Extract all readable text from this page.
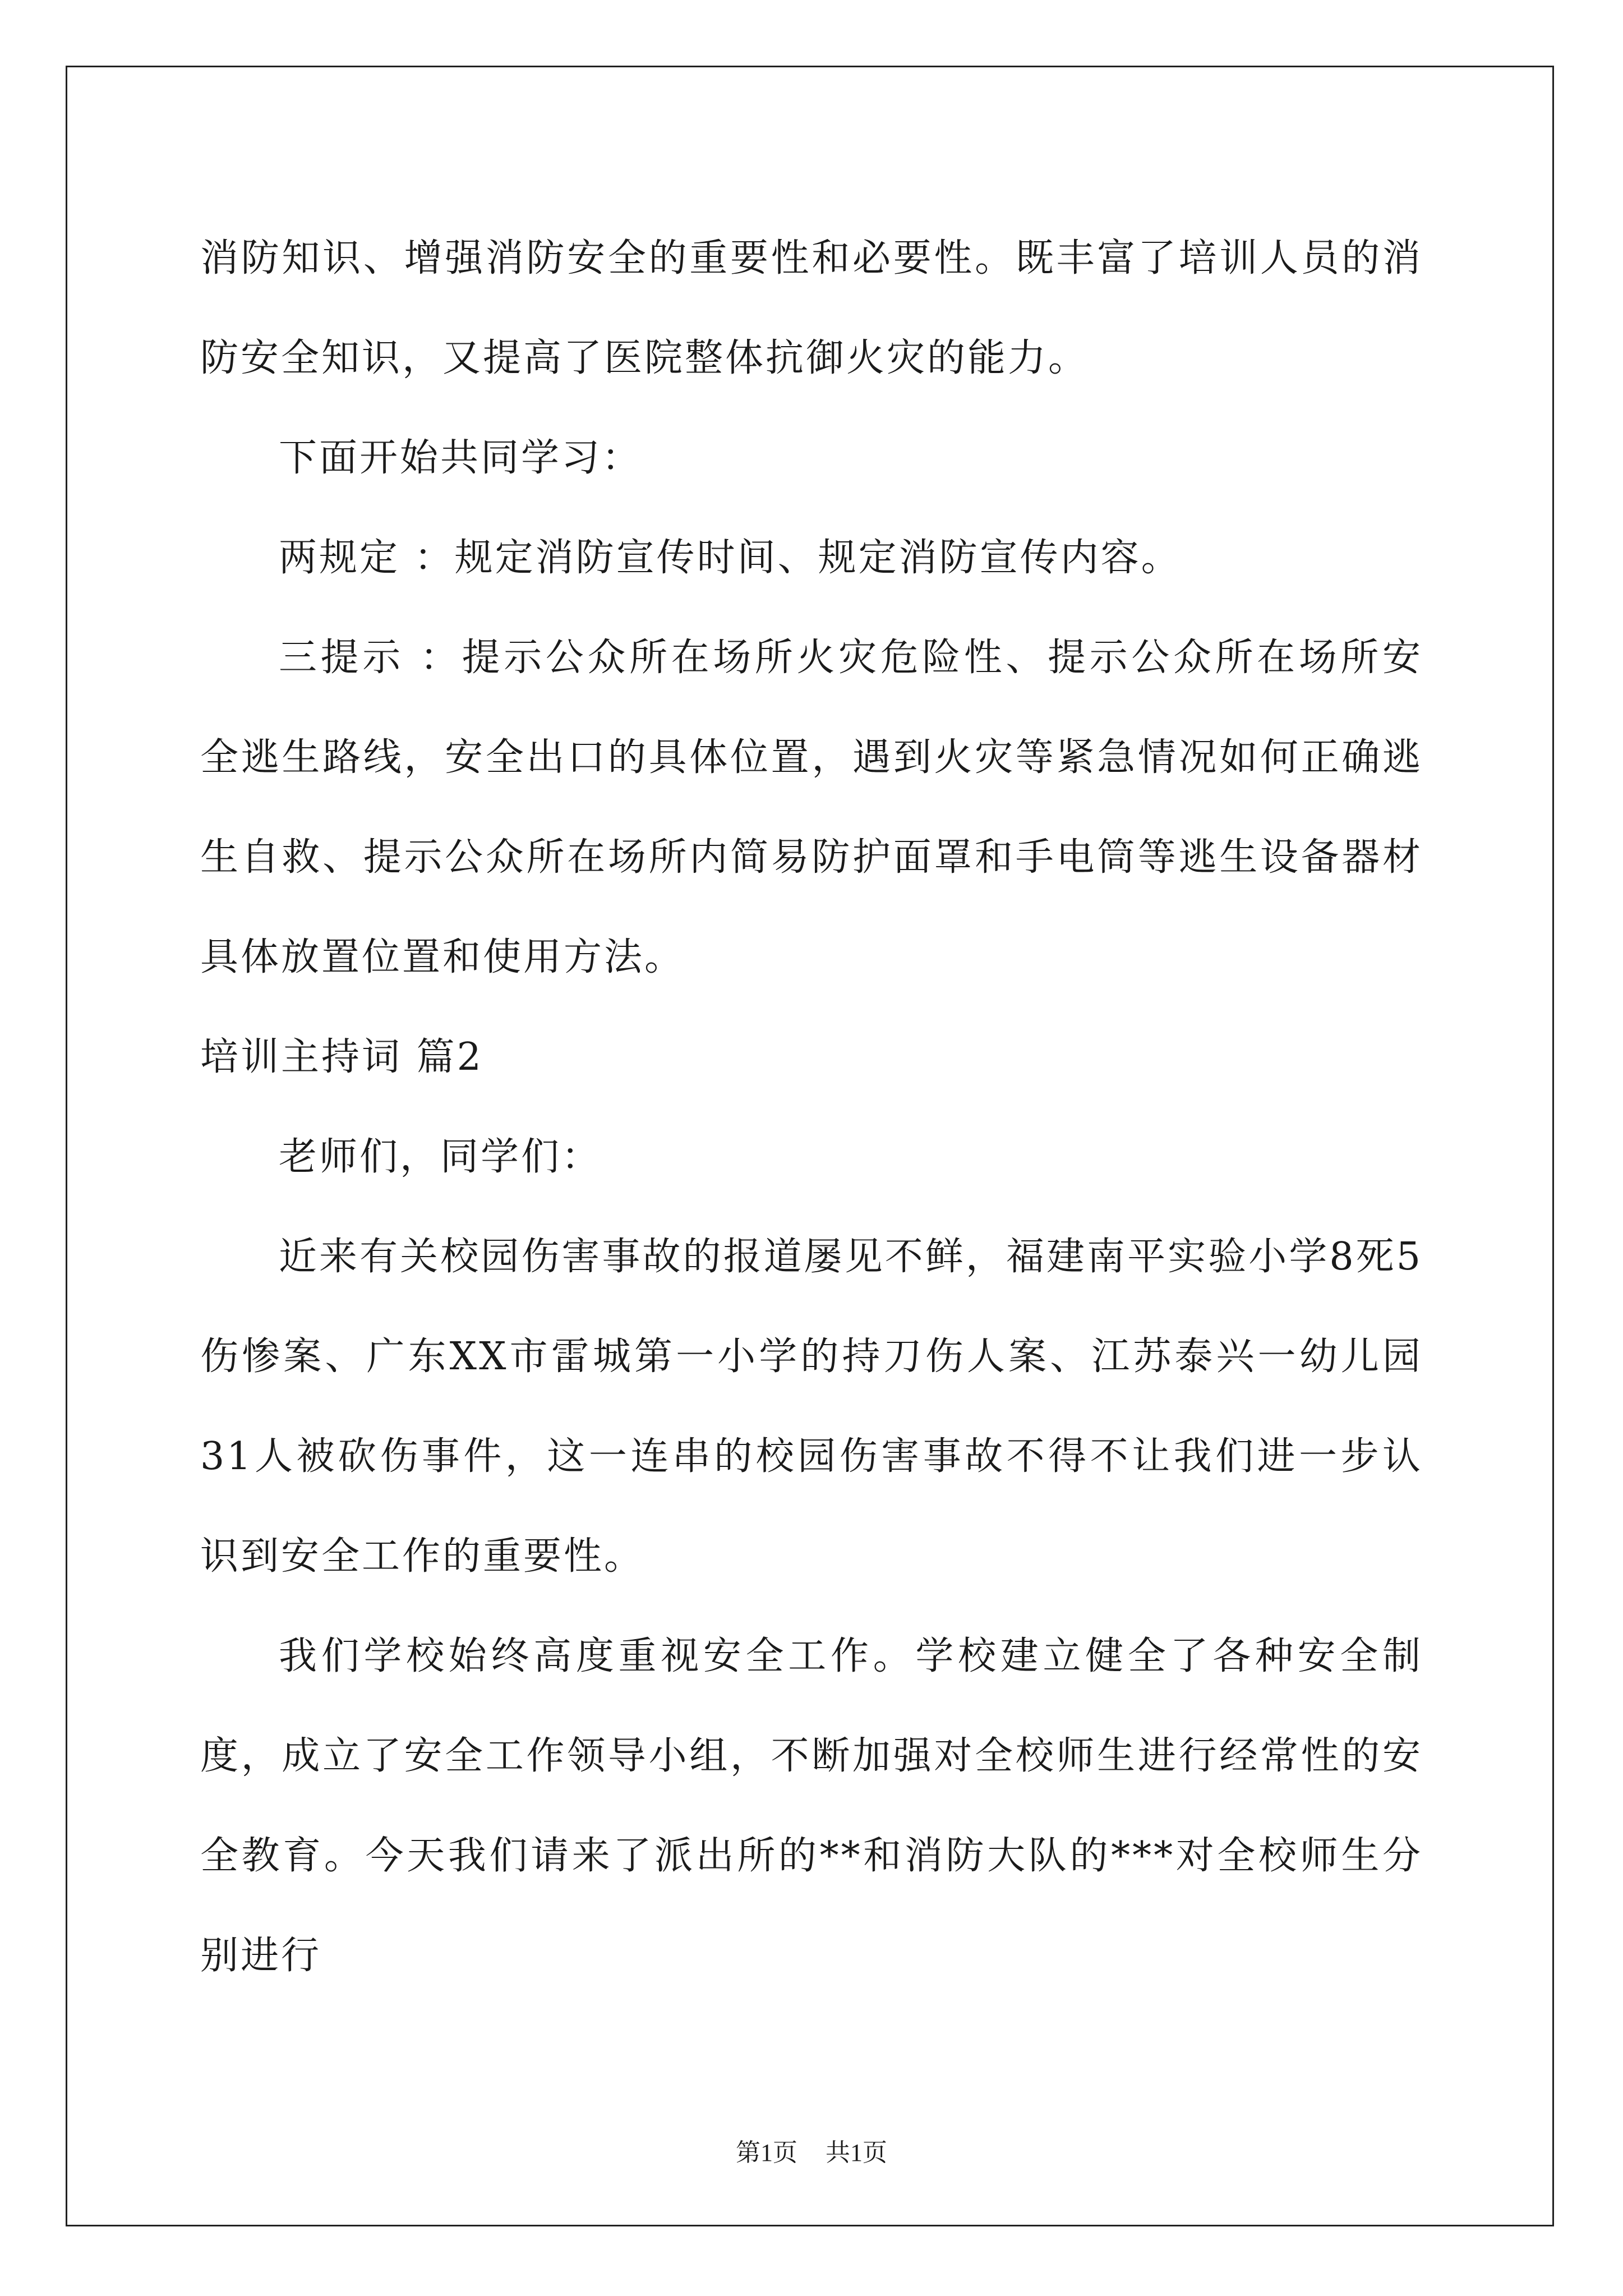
消防知识、增强消防安全的重要性和必要性。既丰富了培训人员的消防安全知识，又提高了医院整体抗御火灾的能力。

下面开始共同学习：

两规定 ：规定消防宣传时间、规定消防宣传内容。

三提示 ：提示公众所在场所火灾危险性、提示公众所在场所安全逃生路线，安全出口的具体位置，遇到火灾等紧急情况如何正确逃生自救、提示公众所在场所内简易防护面罩和手电筒等逃生设备器材具体放置位置和使用方法。

培训主持词 篇2

老师们，同学们：

近来有关校园伤害事故的报道屡见不鲜，福建南平实验小学8死5伤惨案、广东XX市雷城第一小学的持刀伤人案、江苏泰兴一幼儿园31人被砍伤事件，这一连串的校园伤害事故不得不让我们进一步认识到安全工作的重要性。

我们学校始终高度重视安全工作。学校建立健全了各种安全制度，成立了安全工作领导小组，不断加强对全校师生进行经常性的安全教育。今天我们请来了派出所的**和消防大队的***对全校师生分别进行

第1页 共1页
